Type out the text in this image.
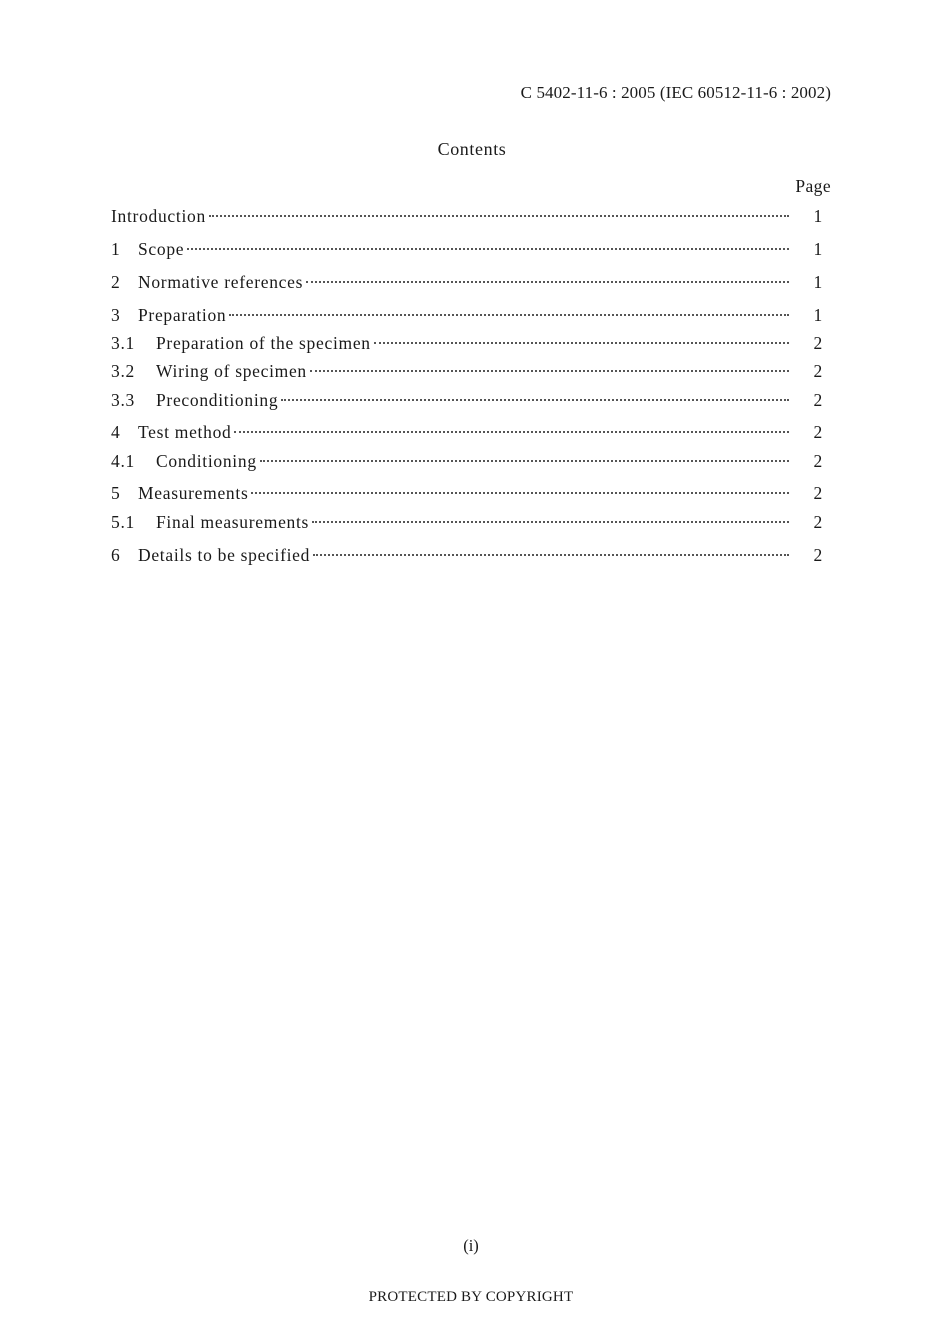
C 5402-11-6 : 2005 (IEC 60512-11-6 : 2002)
Contents
Page
Introduction	1
1	Scope	1
2	Normative references	1
3	Preparation	1
3.1	Preparation of the specimen	2
3.2	Wiring of specimen	2
3.3	Preconditioning	2
4	Test method	2
4.1	Conditioning	2
5	Measurements	2
5.1	Final measurements	2
6	Details to be specified	2
(i)
PROTECTED BY COPYRIGHT
